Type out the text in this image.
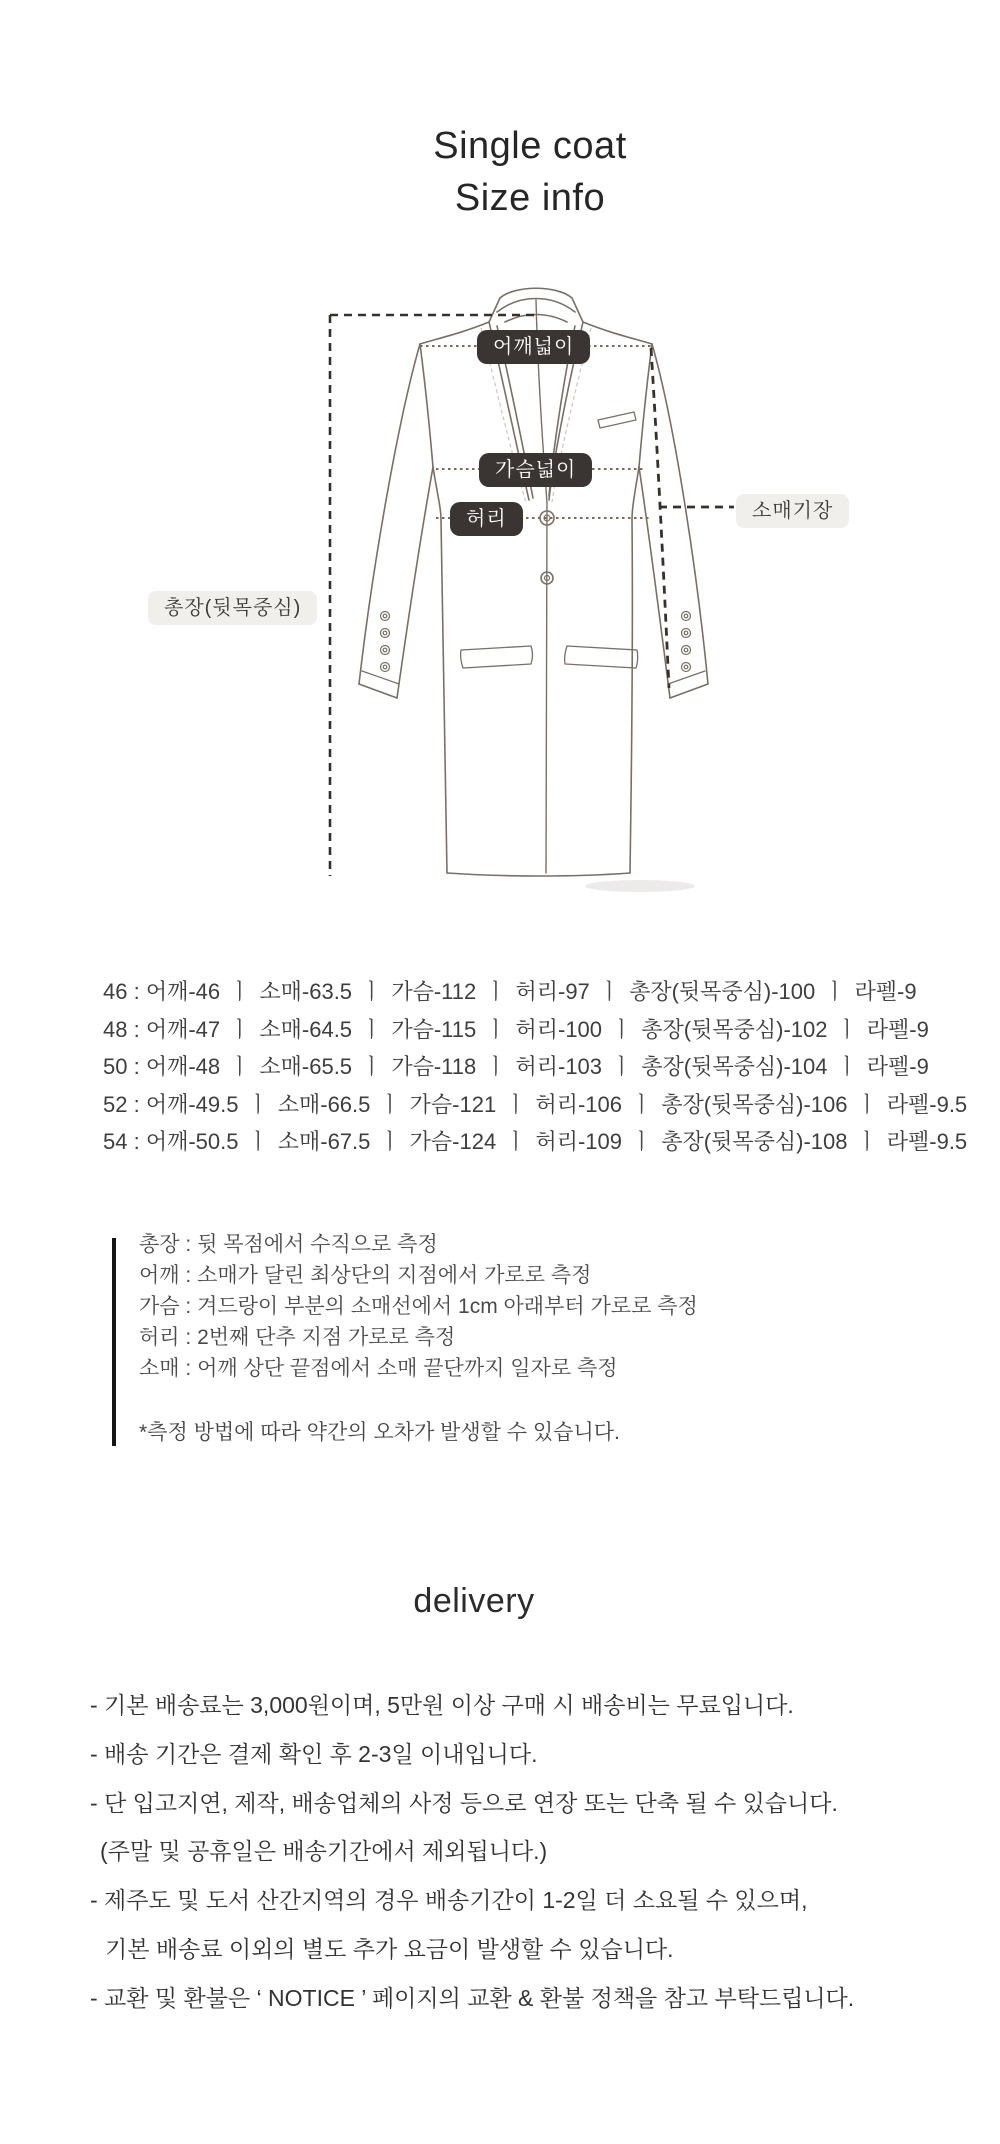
Single coat
Size info
어깨넓이
가슴넓이
허리	소매기장
총장(뒷목중심)
46 : 어깨-46 ㅣ 소매-63.5 ㅣ 가슴-112 ㅣ 허리-97 ㅣ 총장(뒷목중심)-100 ㅣ 라펠-9
48 : 어깨-47 ㅣ 소매-64.5 ㅣ 가슴-115 ㅣ 허리-100 ㅣ 총장(뒷목중심)-102 ㅣ 라펠-9
50 : 어깨-48 ㅣ 소매-65.5 ㅣ 가슴-118 ㅣ 허리-103 ㅣ 총장(뒷목중심)-104 ㅣ 라펠-9
52 : 어깨-49.5 ㅣ 소매-66.5 ㅣ 가슴-121 ㅣ 허리-106 ㅣ 총장(뒷목중심)-106 ㅣ 라펠-9.5
54 : 어깨-50.5 ㅣ 소매-67.5 ㅣ 가슴-124 ㅣ 허리-109 ㅣ 총장(뒷목중심)-108 ㅣ 라펠-9.5
총장 : 뒷 목점에서 수직으로 측정
어깨 : 소매가 달린 최상단의 지점에서 가로로 측정
가슴 : 겨드랑이 부분의 소매선에서 1cm 아래부터 가로로 측정
허리 : 2번째 단추 지점 가로로 측정
소매 : 어깨 상단 끝점에서 소매 끝단까지 일자로 측정
*측정 방법에 따라 약간의 오차가 발생할 수 있습니다.
delivery
- 기본 배송료는 3,000원이며, 5만원 이상 구매 시 배송비는 무료입니다.
- 배송 기간은 결제 확인 후 2-3일 이내입니다.
- 단 입고지연, 제작, 배송업체의 사정 등으로 연장 또는 단축 될 수 있습니다.
(주말 및 공휴일은 배송기간에서 제외됩니다.)
- 제주도 및 도서 산간지역의 경우 배송기간이 1-2일 더 소요될 수 있으며,
기본 배송료 이외의 별도 추가 요금이 발생할 수 있습니다.
- 교환 및 환불은 ‘ NOTICE ’ 페이지의 교환 & 환불 정책을 참고 부탁드립니다.
